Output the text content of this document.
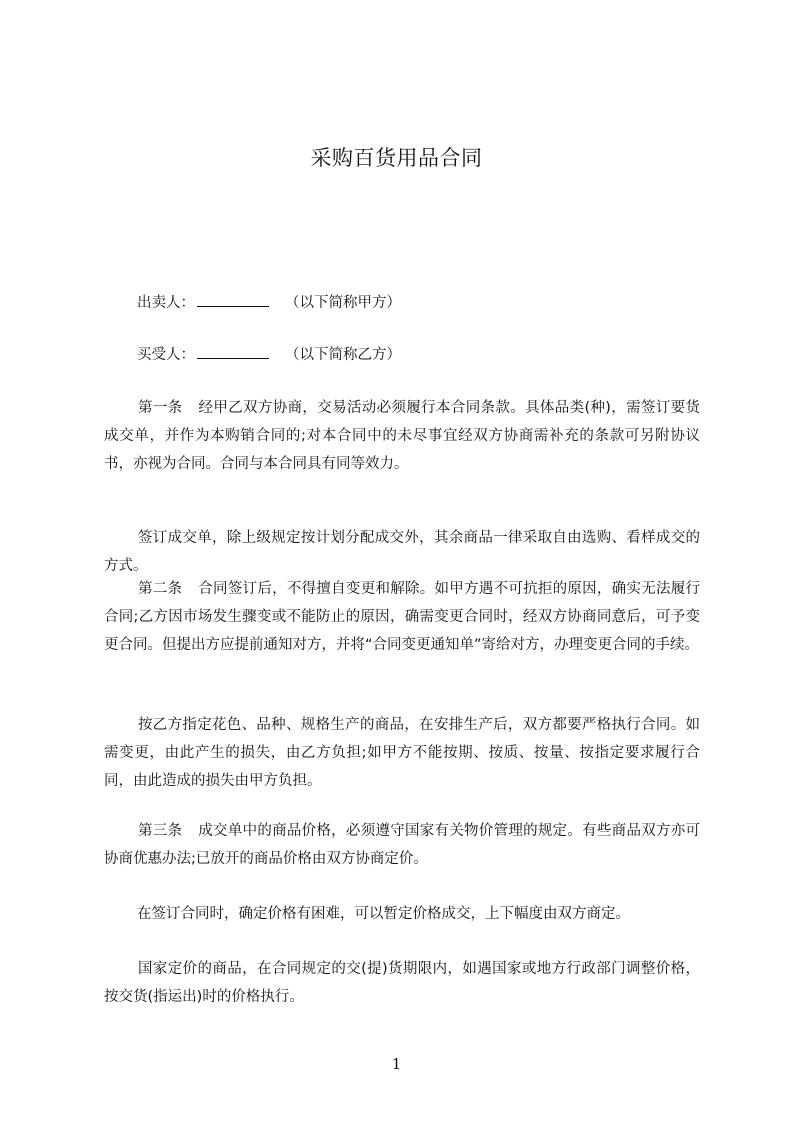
采购百货用品合同
出卖人：	（以下简称甲方）
买受人：	（以下简称乙方）

第一条 经甲乙双方协商，交易活动必须履行本合同条款。具体品类(种)，需签订要货成交单，并作为本购销合同的;对本合同中的未尽事宜经双方协商需补充的条款可另附协议书，亦视为合同。合同与本合同具有同等效力。

签订成交单，除上级规定按计划分配成交外，其余商品一律采取自由选购、看样成交的方式。

第二条 合同签订后，不得擅自变更和解除。如甲方遇不可抗拒的原因，确实无法履行合同;乙方因市场发生骤变或不能防止的原因，确需变更合同时，经双方协商同意后，可予变更合同。但提出方应提前通知对方，并将“合同变更通知单”寄给对方，办理变更合同的手续。

按乙方指定花色、品种、规格生产的商品，在安排生产后，双方都要严格执行合同。如需变更，由此产生的损失，由乙方负担;如甲方不能按期、按质、按量、按指定要求履行合同，由此造成的损失由甲方负担。

第三条 成交单中的商品价格，必须遵守国家有关物价管理的规定。有些商品双方亦可协商优惠办法;已放开的商品价格由双方协商定价。

在签订合同时，确定价格有困难，可以暂定价格成交，上下幅度由双方商定。

国家定价的商品，在合同规定的交(提)货期限内，如遇国家或地方行政部门调整价格，按交货(指运出)时的价格执行。

1
